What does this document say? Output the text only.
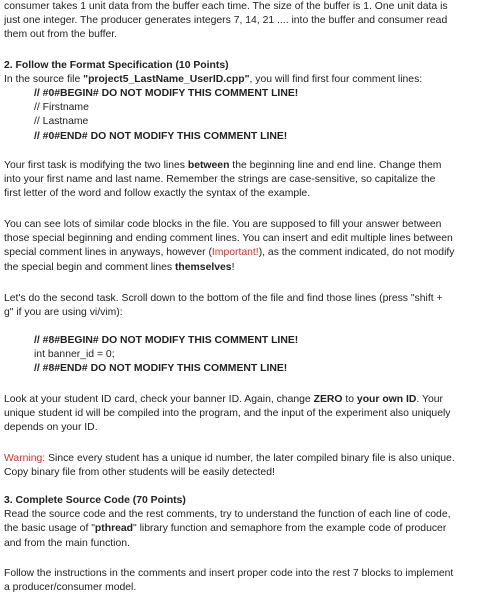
consumer takes 1 unit data from the buffer each time. The size of the buffer is 1. One unit data is
just one integer. The producer generates integers 7, 14, 21 .... into the buffer and consumer read
them out from the buffer.
2. Follow the Format Specification (10 Points)
In the source file "project5_LastName_UserID.cpp", you will find first four comment lines:
// #0#BEGIN# DO NOT MODIFY THIS COMMENT LINE!
// Firstname
// Lastname
// #0#END# DO NOT MODIFY THIS COMMENT LINE!
Your first task is modifying the two lines between the beginning line and end line. Change them
into your first name and last name. Remember the strings are case-sensitive, so capitalize the
first letter of the word and follow exactly the syntax of the example.
You can see lots of similar code blocks in the file. You are supposed to fill your answer between
those special beginning and ending comment lines. You can insert and edit multiple lines between
special comment lines in anyways, however (Important!), as the comment indicated, do not modify
the special begin and comment lines themselves!
Let's do the second task. Scroll down to the bottom of the file and find those lines (press "shift +
g" if you are using vi/vim):
// #8#BEGIN# DO NOT MODIFY THIS COMMENT LINE!
int banner_id = 0;
// #8#END# DO NOT MODIFY THIS COMMENT LINE!
Look at your student ID card, check your banner ID. Again, change ZERO to your own ID. Your
unique student id will be compiled into the program, and the input of the experiment also uniquely
depends on your ID.
Warning: Since every student has a unique id number, the later compiled binary file is also unique.
Copy binary file from other students will be easily detected!
3. Complete Source Code (70 Points)
Read the source code and the rest comments, try to understand the function of each line of code,
the basic usage of "pthread" library function and semaphore from the example code of producer
and from the main function.
Follow the instructions in the comments and insert proper code into the rest 7 blocks to implement
a producer/consumer model.
